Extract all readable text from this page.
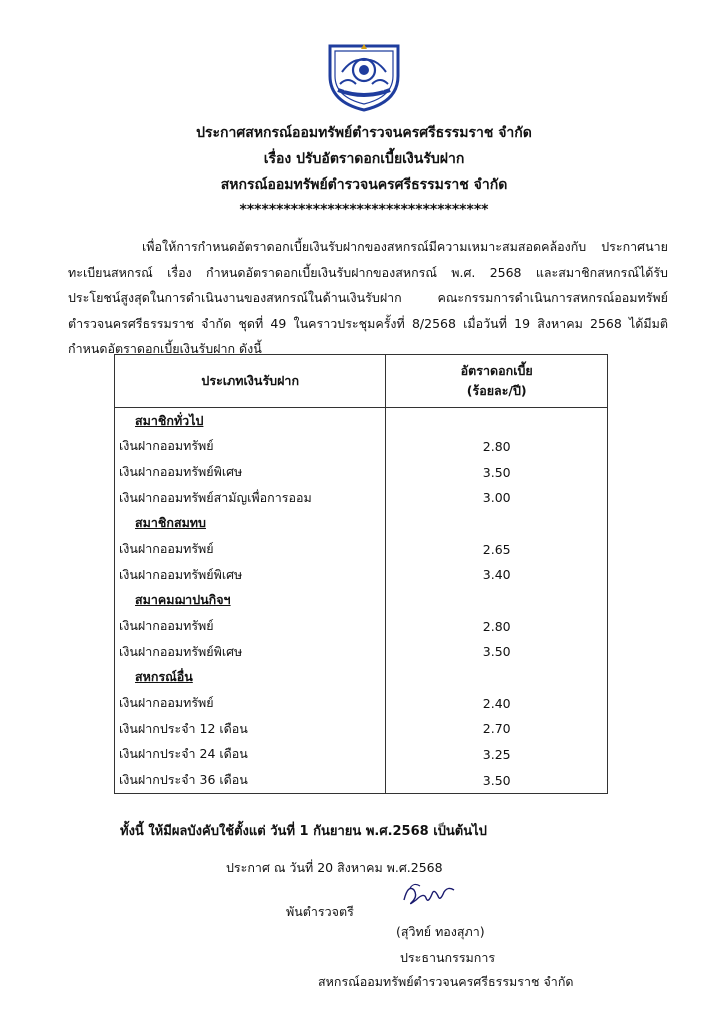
ประกาศสหกรณ์ออมทรัพย์ตำรวจนครศรีธรรมราช จำกัด
เรื่อง ปรับอัตราดอกเบี้ยเงินรับฝาก
สหกรณ์ออมทรัพย์ตำรวจนครศรีธรรมราช จำกัด
**********************************
เพื่อให้การกำหนดอัตราดอกเบี้ยเงินรับฝากของสหกรณ์มีความเหมาะสมสอดคล้องกับ ประกาศนายทะเบียนสหกรณ์ เรื่อง กำหนดอัตราดอกเบี้ยเงินรับฝากของสหกรณ์ พ.ศ. 2568 และสมาชิกสหกรณ์ได้รับประโยชน์สูงสุดในการดำเนินงานของสหกรณ์ในด้านเงินรับฝาก คณะกรรมการดำเนินการสหกรณ์ออมทรัพย์ตำรวจนครศรีธรรมราช จำกัด ชุดที่ 49 ในคราวประชุมครั้งที่ 8/2568 เมื่อวันที่ 19 สิงหาคม 2568 ได้มีมติกำหนดอัตราดอกเบี้ยเงินรับฝาก ดังนี้
ประเภทเงินรับฝาก	อัตราดอกเบี้ย
(ร้อยละ/ปี)

สมาชิกทั่วไป	
เงินฝากออมทรัพย์	2.80
เงินฝากออมทรัพย์พิเศษ	3.50
เงินฝากออมทรัพย์สามัญเพื่อการออม	3.00
สมาชิกสมทบ	
เงินฝากออมทรัพย์	2.65
เงินฝากออมทรัพย์พิเศษ	3.40
สมาคมฌาปนกิจฯ	
เงินฝากออมทรัพย์	2.80
เงินฝากออมทรัพย์พิเศษ	3.50
สหกรณ์อื่น	
เงินฝากออมทรัพย์	2.40
เงินฝากประจำ 12 เดือน	2.70
เงินฝากประจำ 24 เดือน	3.25
เงินฝากประจำ 36 เดือน	3.50
ทั้งนี้ ให้มีผลบังคับใช้ตั้งแต่ วันที่ 1 กันยายน พ.ศ.2568 เป็นต้นไป
ประกาศ ณ วันที่ 20 สิงหาคม พ.ศ.2568
พันตำรวจตรี
(สุวิทย์ ทองสุภา)
ประธานกรรมการ
สหกรณ์ออมทรัพย์ตำรวจนครศรีธรรมราช จำกัด
